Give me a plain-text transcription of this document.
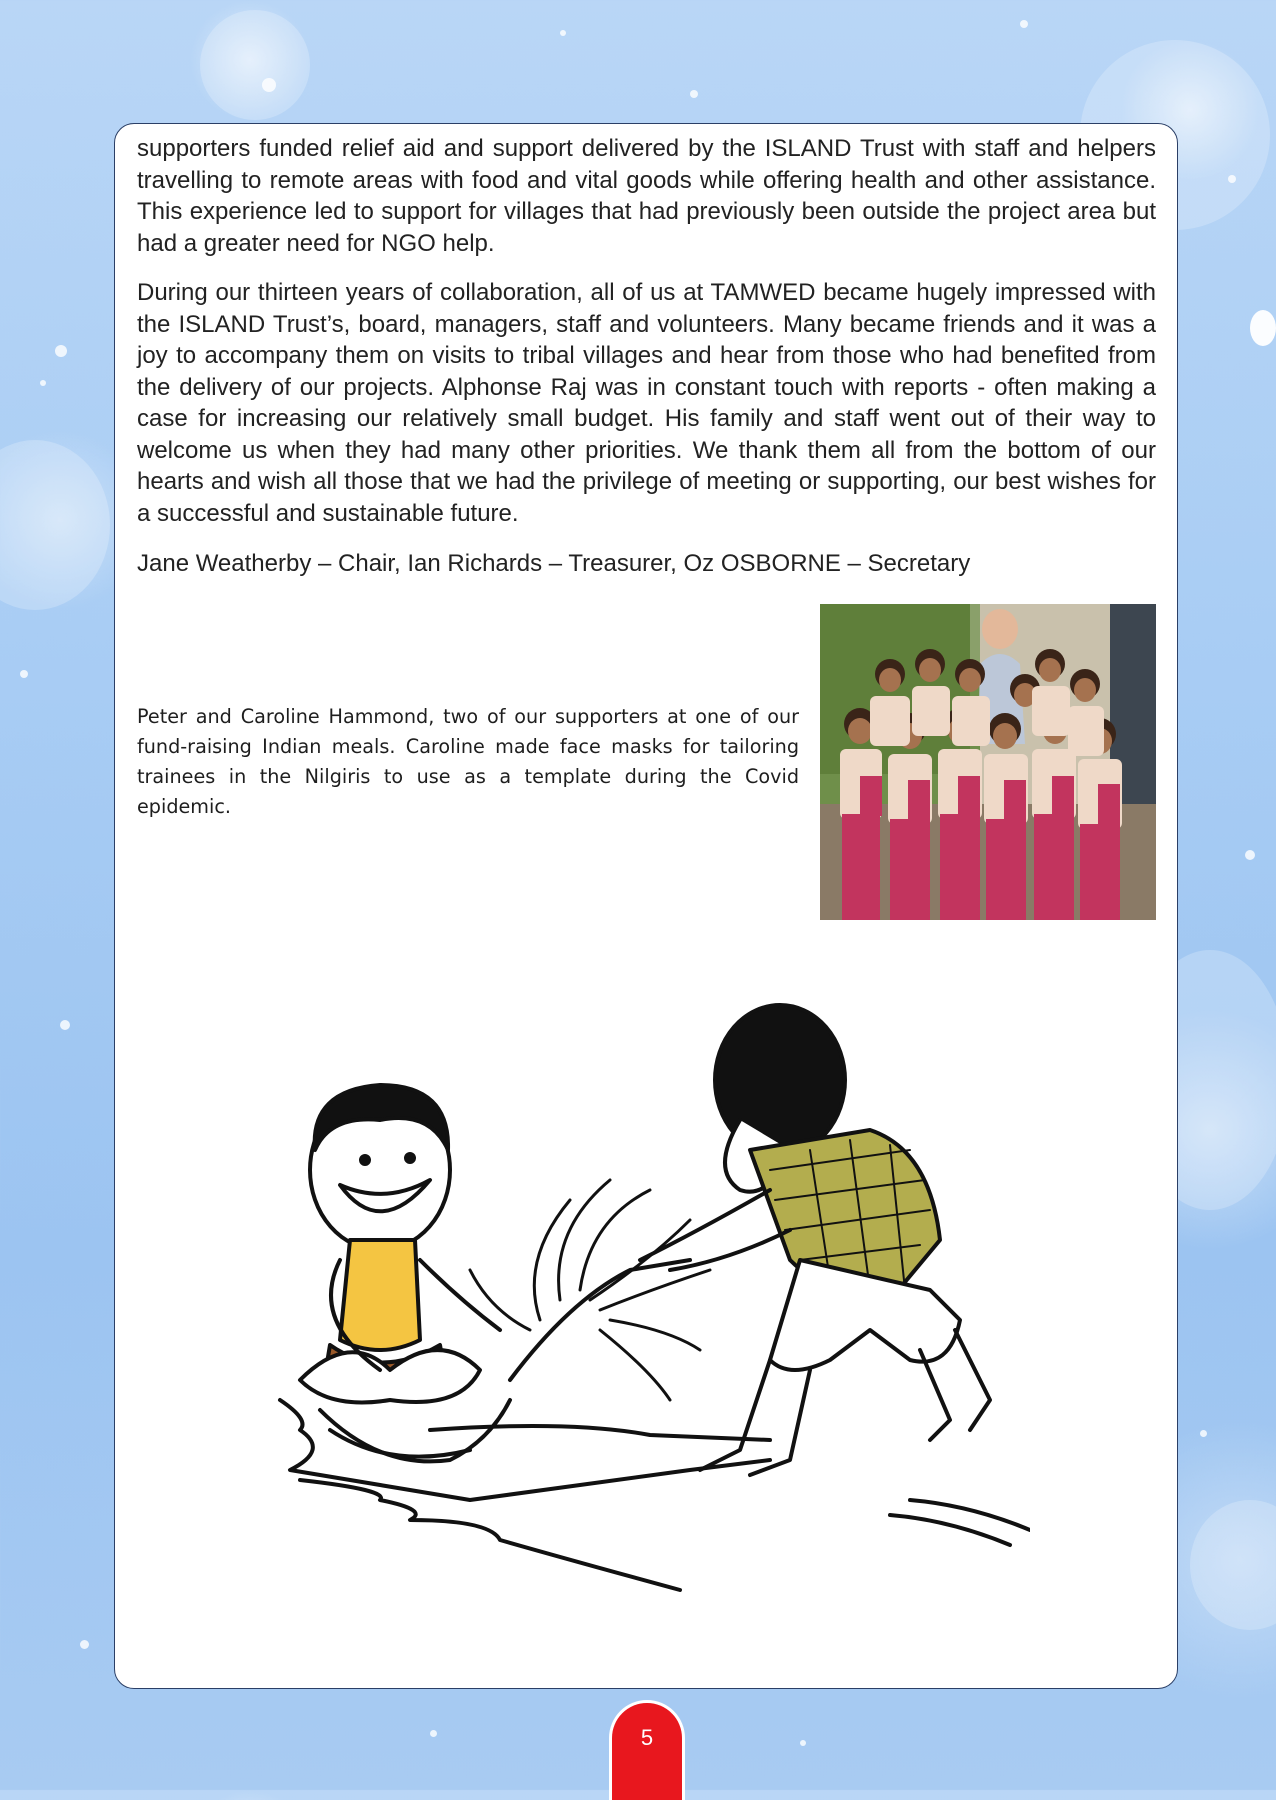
supporters funded relief aid and support delivered by the ISLAND Trust with staff and helpers travelling to remote areas with food and vital goods while offering health and other assistance. This experience led to support for villages that had previously been outside the project area but had a greater need for NGO help.

During our thirteen years of collaboration, all of us at TAMWED became hugely impressed with the ISLAND Trust’s, board, managers, staff and volunteers. Many became friends and it was a joy to accompany them on visits to tribal villages and hear from those who had benefited from the delivery of our projects. Alphonse Raj was in constant touch with reports - often making a case for increasing our relatively small budget. His family and staff went out of their way to welcome us when they had many other priorities. We thank them all from the bottom of our hearts and wish all those that we had the privilege of meeting or supporting, our best wishes for a successful and sustainable future.

Jane Weatherby – Chair, Ian Richards – Treasurer, Oz OSBORNE – Secretary

Peter and Caroline Hammond, two of our supporters at one of our fund-raising Indian meals. Caroline made face masks for tailoring trainees in the Nilgiris to use as a template during the Covid epidemic.

5
